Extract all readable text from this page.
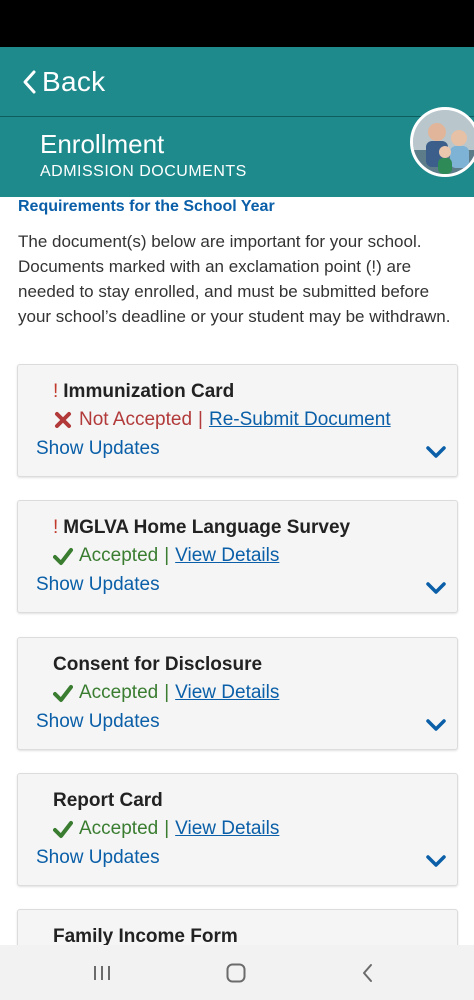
Back
Enrollment
ADMISSION DOCUMENTS
Requirements for the School Year
The document(s) below are important for your school. Documents marked with an exclamation point (!) are needed to stay enrolled, and must be submitted before your school’s deadline or your student may be withdrawn.
! Immunization Card
Not Accepted | Re-Submit Document
Show Updates
! MGLVA Home Language Survey
Accepted | View Details
Show Updates
Consent for Disclosure
Accepted | View Details
Show Updates
Report Card
Accepted | View Details
Show Updates
Family Income Form
